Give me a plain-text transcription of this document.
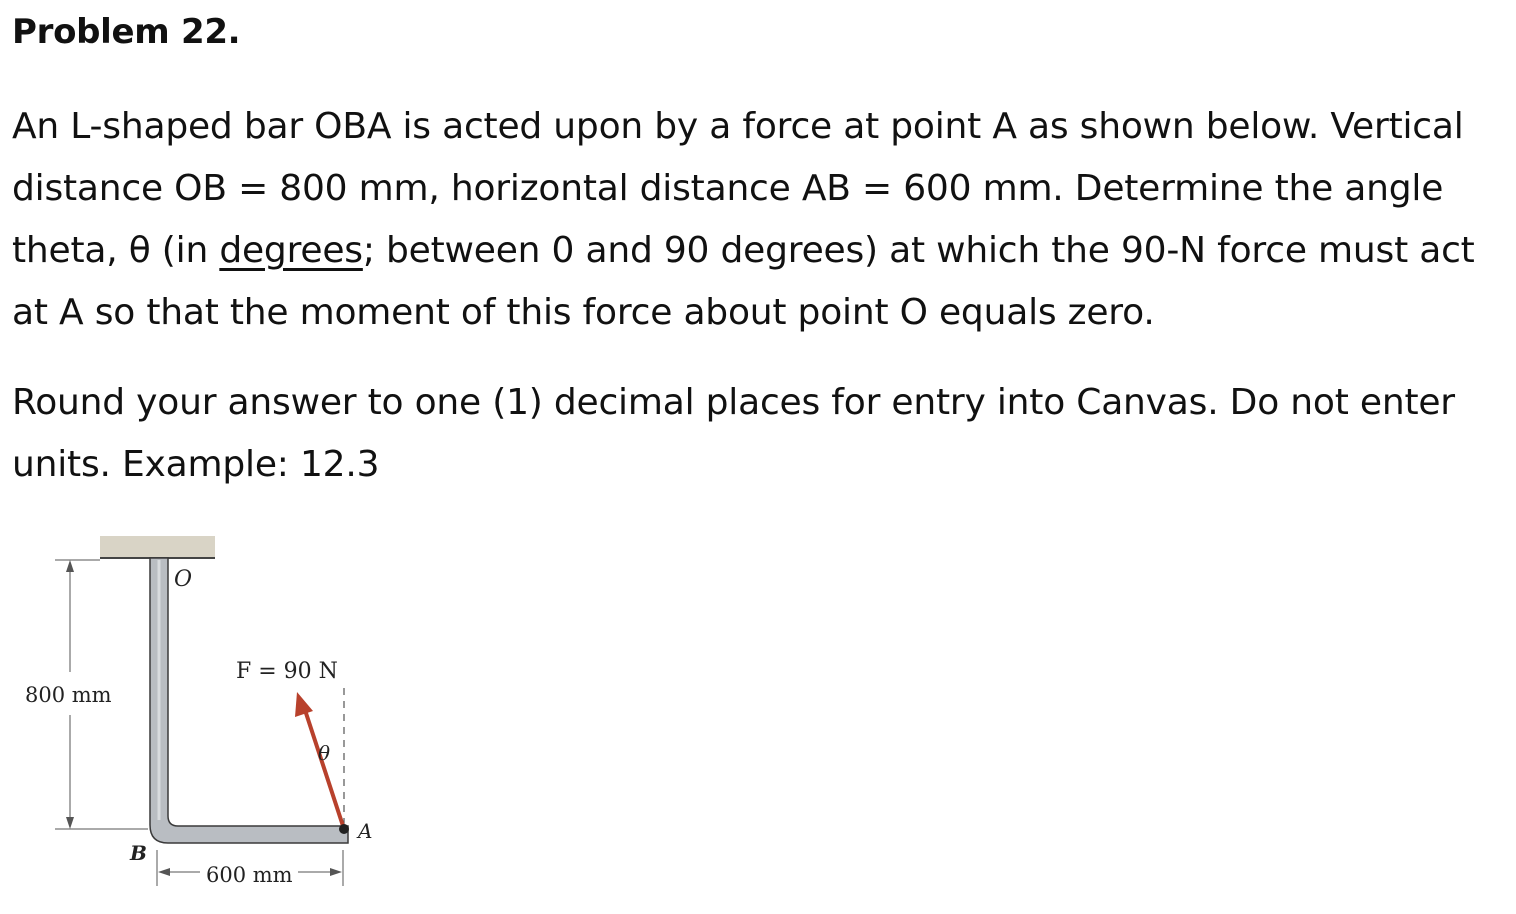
Problem 22.

An L-shaped bar OBA is acted upon by a force at point A as shown below. Vertical distance OB = 800 mm, horizontal distance AB = 600 mm. Determine the angle theta, θ (in degrees; between 0 and 90 degrees) at which the 90-N force must act at A so that the moment of this force about point O equals zero.

Round your answer to one (1) decimal places for entry into Canvas. Do not enter units. Example: 12.3

O
B
A
θ
F = 90 N
800 mm
600 mm
